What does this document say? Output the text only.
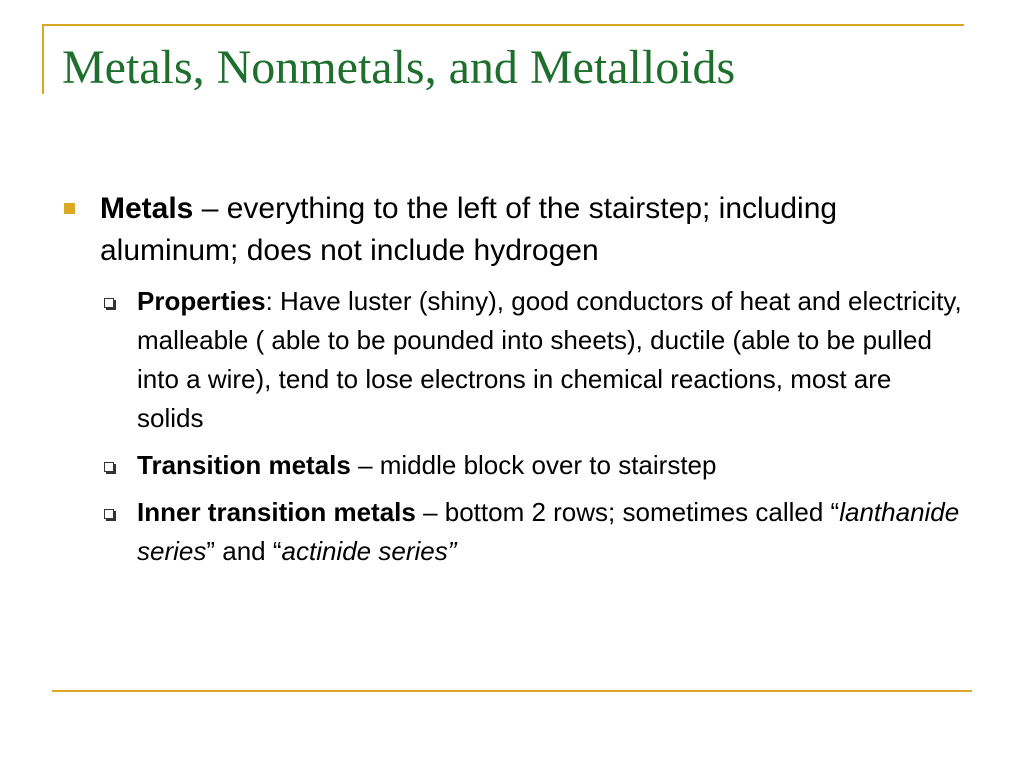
Metals, Nonmetals, and Metalloids
Metals – everything to the left of the stairstep; including aluminum; does not include hydrogen
Properties: Have luster (shiny), good conductors of heat and electricity, malleable ( able to be pounded into sheets), ductile (able to be pulled into a wire), tend to lose electrons in chemical reactions, most are solids
Transition metals – middle block over to stairstep
Inner transition metals – bottom 2 rows; sometimes called “lanthanide series” and “actinide series”
